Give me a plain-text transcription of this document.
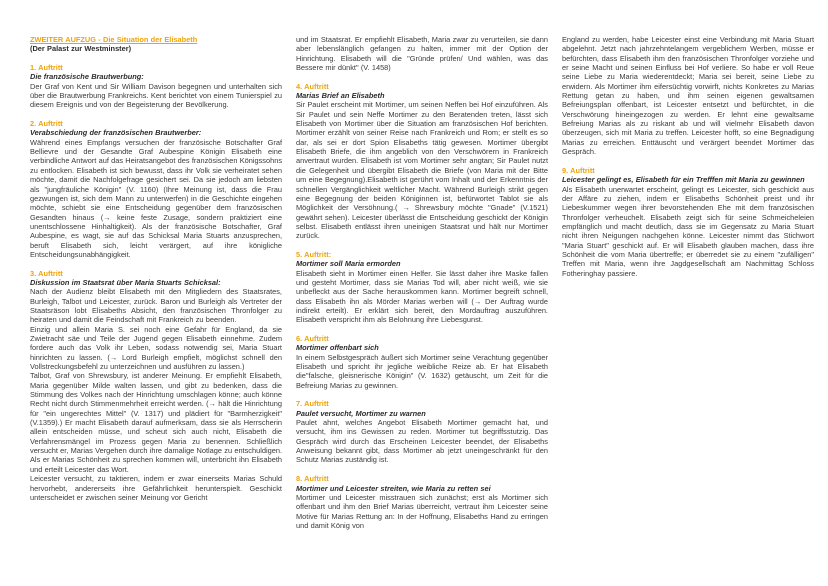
ZWEITER AUFZUG - Die Situation der Elisabeth
(Der Palast zur Westminster)
1. Auftritt
Die französische Brautwerbung:
Der Graf von Kent und Sir William Davison begegnen und unterhalten sich über die Brautwerbung Frankreichs. Kent berichtet von einem Tunierspiel zu diesem Ereignis und von der Begeisterung der Bevölkerung.
2. Auftritt
Verabschiedung der französischen Brautwerber:
Während eines Empfangs versuchen der französische Botschafter Graf Bellievre und der Gesandte Graf Aubespine Königin Elisabeth eine verbindliche Antwort auf das Heiratsangebot des französischen Königssohns zu entlocken. Elisabeth ist sich bewusst, dass ihr Volk sie verheiratet sehen möchte, damit die Nachfolgefrage gesichert sei. Da sie jedoch am liebsten als "jungfräuliche Königin" (V. 1160) (Ihre Meinung ist, dass die Frau gezwungen ist, sich dem Mann zu unterwerfen) in die Geschichte eingehen möchte, schiebt sie eine Entscheidung gegenüber dem französischen Gesandten hinaus (→ keine feste Zusage, sondern praktiziert eine unentschlossene Hinhaltigkeit). Als der französische Botschafter, Graf Aubespine, es wagt, sie auf das Schicksal Maria Stuarts anzusprechen, beruft Elisabeth sich, leicht verärgert, auf ihre königliche Entscheidungsunabhängigkeit.
3. Auftritt
Diskussion im Staatsrat über Maria Stuarts Schicksal:
Nach der Audienz bleibt Elisabeth mit den Mitgliedern des Staatsrates, Burleigh, Talbot und Leicester, zurück. Baron und Burleigh als Vertreter der Staatsräson lobt Elisabeths Absicht, den französischen Thronfolger zu heiraten und damit die Feindschaft mit Frankreich zu beenden.
Einzig und allein Maria S. sei noch eine Gefahr für England, da sie Zwietracht säe und Teile der Jugend gegen Elisabeth einnehme. Zudem fordere auch das Volk ihr Leben, sodass notwendig sei, Maria Stuart hinrichten zu lassen. (→ Lord Burleigh empfielt, möglichst schnell den Vollstreckungsbefehl zu unterzeichnen und ausführen zu lassen.)
Talbot, Graf von Shrewsbury, ist anderer Meinung. Er empfiehlt Elisabeth, Maria gegenüber Milde walten lassen, und gibt zu bedenken, dass die Stimmung des Volkes nach der Hinrichtung umschlagen könne; auch könne Recht nicht durch Stimmenmehrheit erreicht werden. (→ hält die Hinrichtung für "ein ungerechtes Mittel" (V. 1317) und plädiert für "Barmherzigkeit" (V.1359).) Er macht Elisabeth darauf aufmerksam, dass sie als Herrscherin allein entscheiden müsse, und scheut sich auch nicht, Elisabeth die Verfahrensmängel im Prozess gegen Maria zu benennen. Schließlich versucht er, Marias Vergehen durch ihre damalige Notlage zu entschuldigen. Als er Marias Schönheit zu sprechen kommen will, unterbricht ihn Elisabeth und erteilt Leicester das Wort.
Leicester versucht, zu taktieren, indem er zwar einerseits Marias Schuld hervorhebt, andererseits ihre Gefährlichkeit herunterspielt. Geschickt unterscheidet er zwischen seiner Meinung vor Gericht
und im Staatsrat. Er empfiehlt Elisabeth, Maria zwar zu verurteilen, sie dann aber lebenslänglich gefangen zu halten, immer mit der Option der Hinrichtung. Elisabeth will die "Gründe prüfen/ Und wählen, was das Bessere mir dünkt" (V. 1458)
4. Auftritt
Marias Brief an Elisabeth
Sir Paulet erscheint mit Mortimer, um seinen Neffen bei Hof einzuführen. Als Sir Paulet und sein Neffe Mortimer zu den Beratenden treten, lässt sich Elisabeth von Mortimer über die Situation am französischen Hof berichten. Mortimer erzählt von seiner Reise nach Frankreich und Rom; er stellt es so dar, als sei er dort Spion Elisabeths tätig gewesen. Mortimer übergibt Elisabeth Briefe, die ihm angeblich von den Verschwörern in Frankreich anvertraut wurden. Elisabeth ist vom Mortimer sehr angtan; Sir Paulet nutzt die Gelegenheit und übergibt Elisabeth die Briefe (von Maria mit der Bitte um eine Begegnung).Elisabeth ist gerührt vom Inhalt und der Erkenntnis der schnellen Vergänglichkeit weltlicher Macht. Während Burleigh strikt gegen eine Begegnung der beiden Königinnen ist, befürwortet Tablot sie als Möglichkeit der Versöhnung.( → Shrewsbury möchte "Gnade" (V.1521) gewährt sehen). Leicester überlässt die Entscheidung geschickt der Königin selbst. Elisabeth entlässt ihren uneinigen Staatsrat und hält nur Mortimer zurück.
5. Auftritt:
Mortimer soll Maria ermorden
Elisabeth sieht in Mortimer einen Helfer. Sie lässt daher ihre Maske fallen und gesteht Mortimer, dass sie Marias Tod will, aber nicht weiß, wie sie unbefleckt aus der Sache herauskommen kann. Mortimer begreift schnell, dass Elisabeth ihn als Mörder Marias werben will (→ Der Auftrag wurde indirekt erteilt). Er erklärt sich bereit, den Mordauftrag auszuführen. Elisabeth verspricht ihm als Belohnung ihre Liebesgunst.
6. Auftritt
Mortimer offenbart sich
In einem Selbstgespräch äußert sich Mortimer seine Verachtung gegenüber Elisabeth und spricht ihr jegliche weibliche Reize ab. Er hat Elisabeth die"falsche, gleisnerische Königin" (V. 1632) getäuscht, um Zeit für die Befreiung Marias zu gewinnen.
7. Auftritt
Paulet versucht, Mortimer zu warnen
Paulet ahnt, welches Angebot Elisabeth Mortimer gemacht hat, und versucht, ihm ins Gewissen zu reden. Mortimer tut begriffsstutzig. Das Gespräch wird durch das Erscheinen Leicester beendet, der Elisabeths Anweisung bekannt gibt, dass Mortimer ab jetzt uneingeschränkt für den Schutz Marias zuständig ist.
8. Auftritt
Mortimer und Leicester streiten, wie Maria zu retten sei
Mortimer und Leicester misstrauen sich zunächst; erst als Mortimer sich offenbart und ihm den Brief Marias überreicht, vertraut ihm Leicester seine Motive für Marias Rettung an: In der Hoffnung, Elisabeths Hand zu erringen und damit König von
England zu werden, habe Leicester einst eine Verbindung mit Maria Stuart abgelehnt. Jetzt nach jahrzehntelangem vergeblichem Werben, müsse er befürchten, dass Elisabeth ihm den französischen Thronfolger vorziehe und er seine Macht und seinen Einfluss bei Hof verliere. So habe er voll Reue seine Liebe zu Maria wiederentdeckt; Maria sei bereit, seine Liebe zu erwidern. Als Mortimer ihm eifersüchtig vorwirft, nichts Konkretes zu Marias Rettung getan zu haben, und ihm seinen eigenen gewaltsamen Befreiungsplan offenbart, ist Leicester entsetzt und befürchtet, in die Verschwörung hineingezogen zu werden. Er lehnt eine gewaltsame Befreiung Marias als zu riskant ab und will vielmehr Elisabeth davon überzeugen, sich mit Maria zu treffen. Leicester hofft, so eine Begnadigung Marias zu erreichen. Enttäuscht und verärgert beendet Mortimer das Gespräch.
9. Auftritt
Leicester gelingt es, Elisabeth für ein Trefffen mit Maria zu gewinnen
Als Elisabeth unerwartet erscheint, gelingt es Leicester, sich geschickt aus der Affäre zu ziehen, indem er Elisabeths Schönheit preist und ihr Liebeskummer wegen ihrer bevorstehenden Ehe mit dem französischen Thronfolger verheuchelt. Elisabeth zeigt sich für seine Schmeicheleien empfänglich und macht deutlich, dass sie im Gegensatz zu Maria Stuart nicht ihren Neigungen nachgehen könne. Leicester nimmt das Stichwort "Maria Stuart" geschickt auf. Er will Elisabeth glauben machen, dass ihre Schönheit die vom Maria übertreffe; er überredet sie zu einem "zufälligen" Treffen mit Maria, wenn ihre Jagdgesellschaft am Nachmittag Schloss Fotheringhay passiere.
